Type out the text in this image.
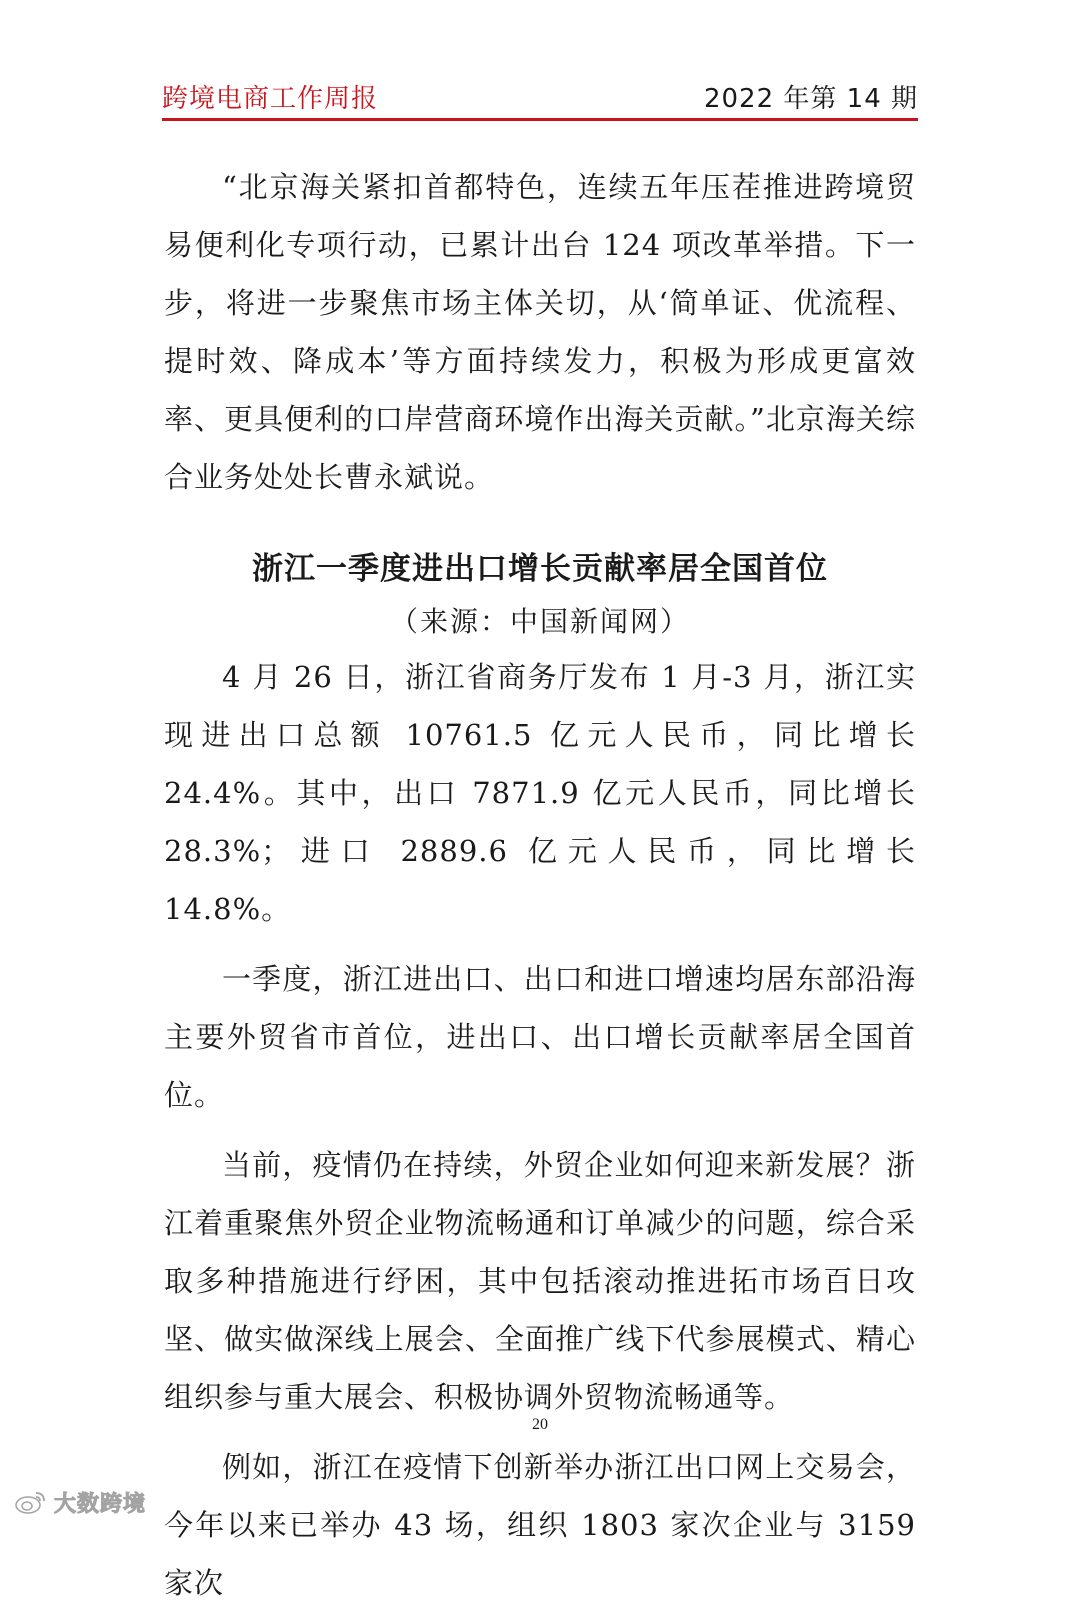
跨境电商工作周报	2022 年第 14 期

“北京海关紧扣首都特色，连续五年压茬推进跨境贸易便利化专项行动，已累计出台 124 项改革举措。下一步，将进一步聚焦市场主体关切，从‘简单证、优流程、提时效、降成本’等方面持续发力，积极为形成更富效率、更具便利的口岸营商环境作出海关贡献。”北京海关综合业务处处长曹永斌说。

浙江一季度进出口增长贡献率居全国首位
（来源：中国新闻网）

4 月 26 日，浙江省商务厅发布 1 月-3 月，浙江实现进出口总额 10761.5 亿元人民币，同比增长 24.4%。其中，出口 7871.9 亿元人民币，同比增长 28.3%；进口 2889.6 亿元人民币，同比增长 14.8%。

一季度，浙江进出口、出口和进口增速均居东部沿海主要外贸省市首位，进出口、出口增长贡献率居全国首位。

当前，疫情仍在持续，外贸企业如何迎来新发展？浙江着重聚焦外贸企业物流畅通和订单减少的问题，综合采取多种措施进行纾困，其中包括滚动推进拓市场百日攻坚、做实做深线上展会、全面推广线下代参展模式、精心组织参与重大展会、积极协调外贸物流畅通等。

例如，浙江在疫情下创新举办浙江出口网上交易会，今年以来已举办 43 场，组织 1803 家次企业与 3159 家次

20
大数跨境
